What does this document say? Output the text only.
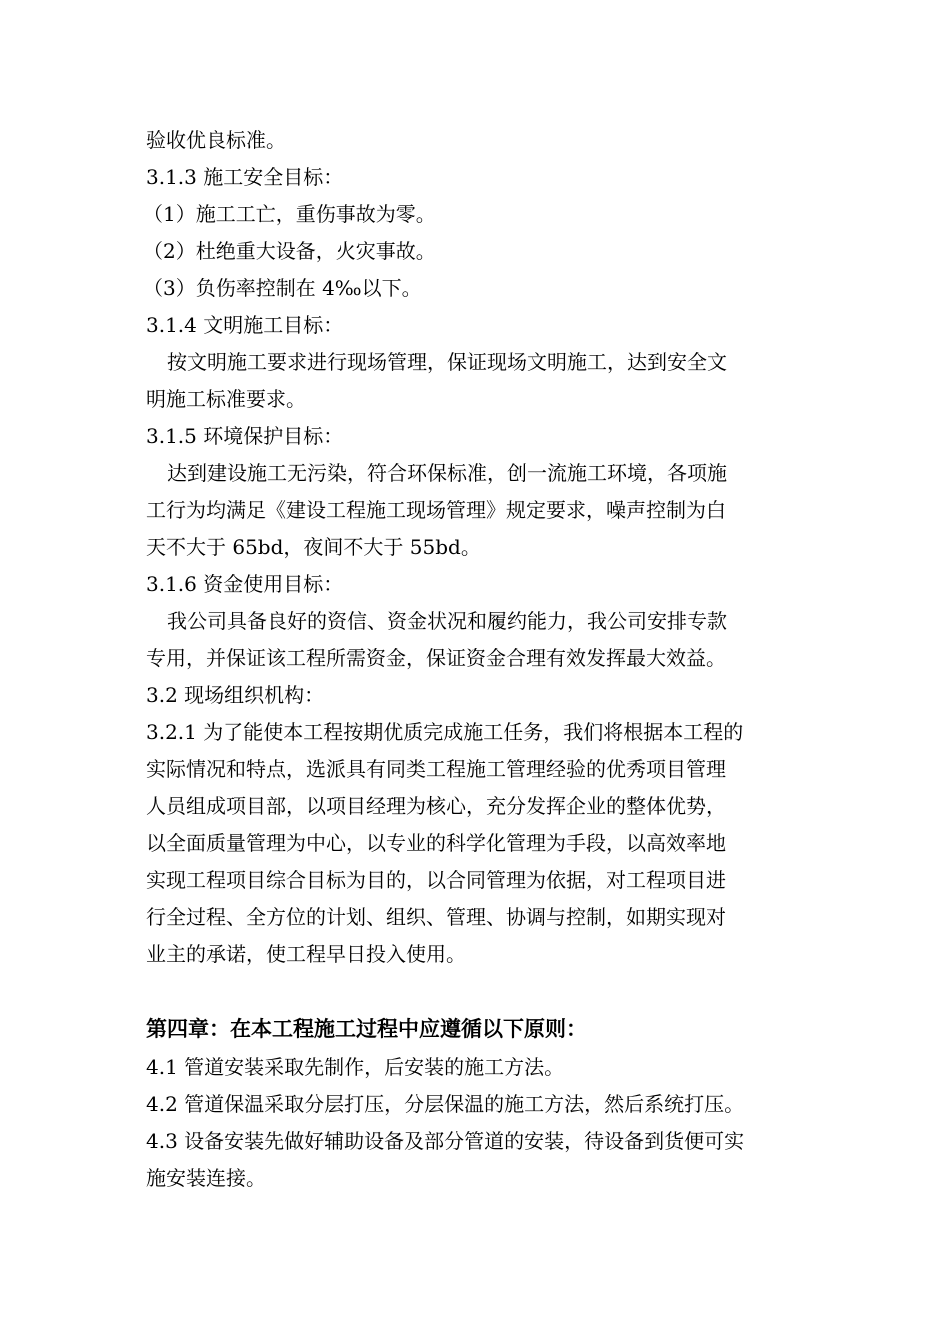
验收优良标准。
3.1.3 施工安全目标：
（1）施工工亡，重伤事故为零。
（2）杜绝重大设备，火灾事故。
（3）负伤率控制在 4‰以下。
3.1.4 文明施工目标：
按文明施工要求进行现场管理，保证现场文明施工，达到安全文
明施工标准要求。
3.1.5 环境保护目标：
达到建设施工无污染，符合环保标准，创一流施工环境，各项施
工行为均满足《建设工程施工现场管理》规定要求，噪声控制为白
天不大于 65bd，夜间不大于 55bd。
3.1.6 资金使用目标：
我公司具备良好的资信、资金状况和履约能力，我公司安排专款
专用，并保证该工程所需资金，保证资金合理有效发挥最大效益。
3.2 现场组织机构：
3.2.1 为了能使本工程按期优质完成施工任务，我们将根据本工程的
实际情况和特点，选派具有同类工程施工管理经验的优秀项目管理
人员组成项目部，以项目经理为核心，充分发挥企业的整体优势，
以全面质量管理为中心，以专业的科学化管理为手段，以高效率地
实现工程项目综合目标为目的，以合同管理为依据，对工程项目进
行全过程、全方位的计划、组织、管理、协调与控制，如期实现对
业主的承诺，使工程早日投入使用。
第四章：在本工程施工过程中应遵循以下原则：
4.1 管道安装采取先制作，后安装的施工方法。
4.2 管道保温采取分层打压，分层保温的施工方法，然后系统打压。
4.3 设备安装先做好辅助设备及部分管道的安装，待设备到货便可实
施安装连接。
